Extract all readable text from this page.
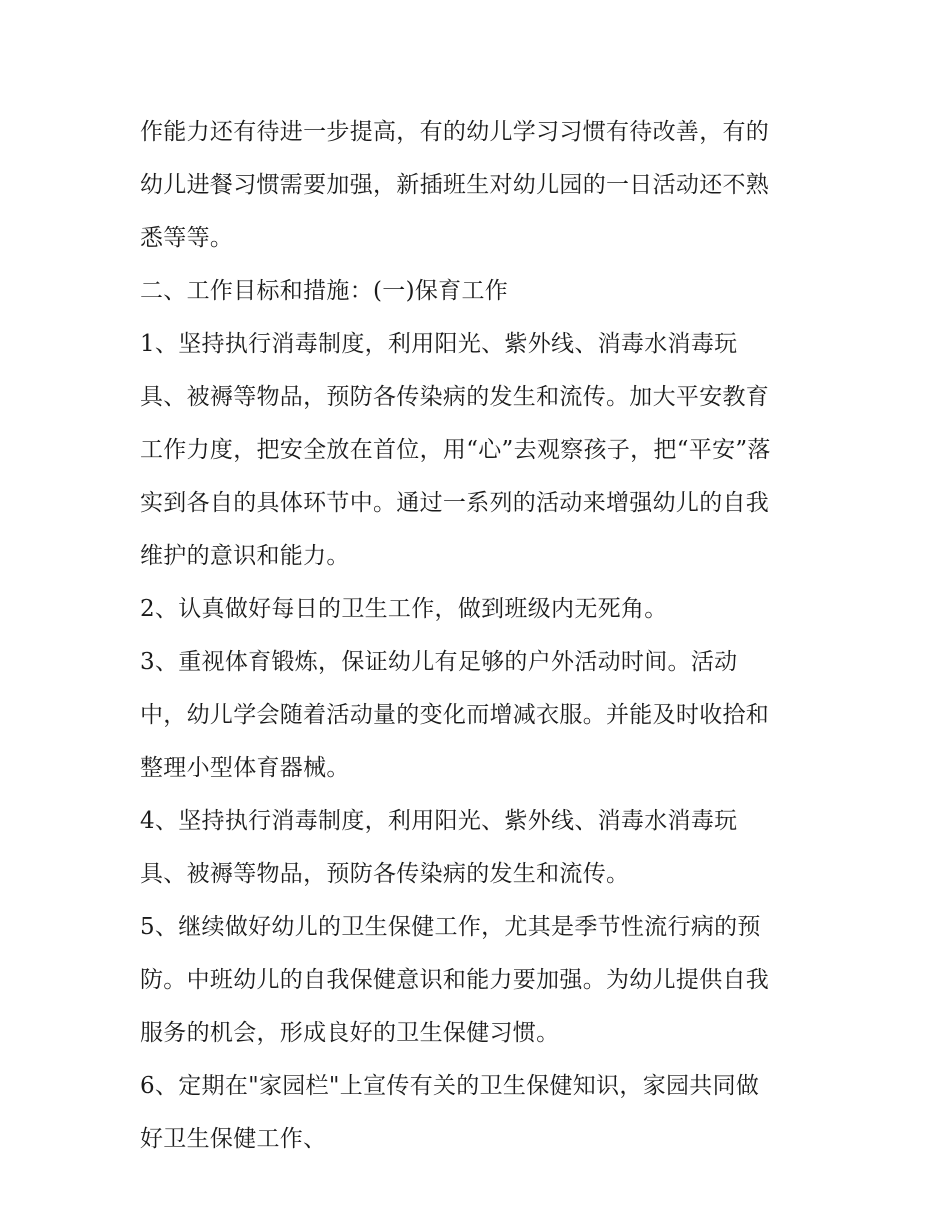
作能力还有待进一步提高，有的幼儿学习习惯有待改善，有的
幼儿进餐习惯需要加强，新插班生对幼儿园的一日活动还不熟
悉等等。
二、工作目标和措施：(一)保育工作
1、坚持执行消毒制度，利用阳光、紫外线、消毒水消毒玩
具、被褥等物品，预防各传染病的发生和流传。加大平安教育
工作力度，把安全放在首位，用“心”去观察孩子，把“平安”落
实到各自的具体环节中。通过一系列的活动来增强幼儿的自我
维护的意识和能力。
2、认真做好每日的卫生工作，做到班级内无死角。
3、重视体育锻炼，保证幼儿有足够的户外活动时间。活动
中，幼儿学会随着活动量的变化而增减衣服。并能及时收拾和
整理小型体育器械。
4、坚持执行消毒制度，利用阳光、紫外线、消毒水消毒玩
具、被褥等物品，预防各传染病的发生和流传。
5、继续做好幼儿的卫生保健工作，尤其是季节性流行病的预
防。中班幼儿的自我保健意识和能力要加强。为幼儿提供自我
服务的机会，形成良好的卫生保健习惯。
6、定期在"家园栏"上宣传有关的卫生保健知识，家园共同做
好卫生保健工作、
